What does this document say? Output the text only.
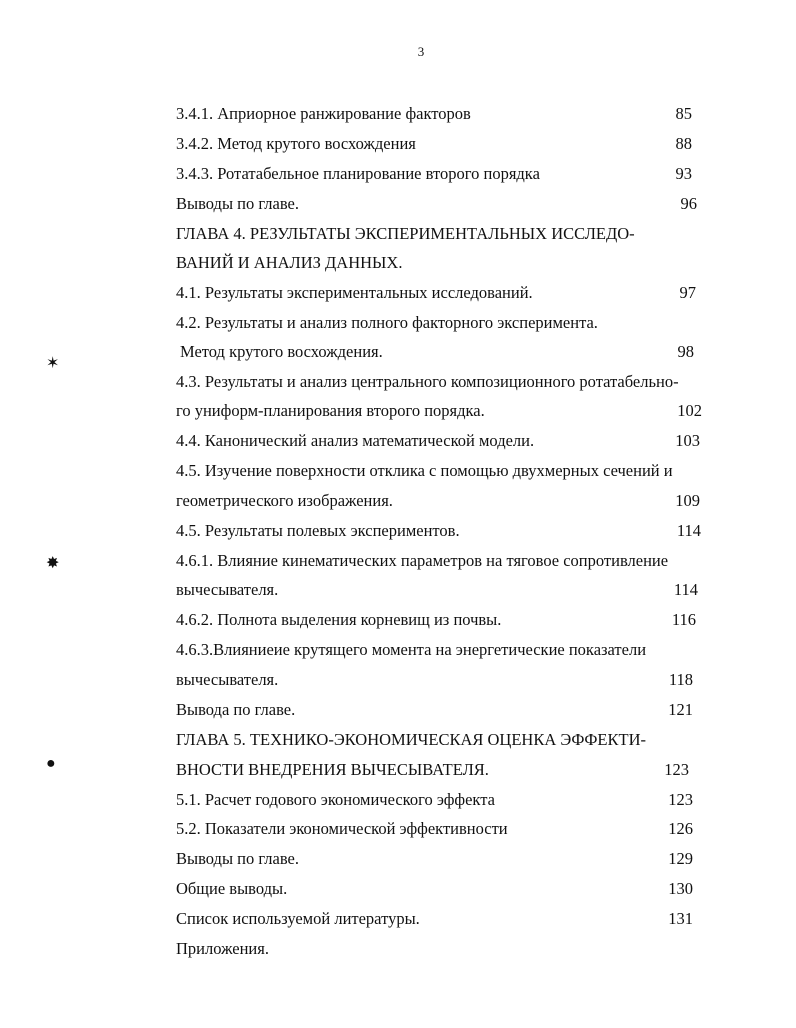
3
✶
✸
●
3.4.1. Априорное ранжирование факторов	85
3.4.2. Метод крутого восхождения	88
3.4.3. Ротатабельное планирование второго порядка	93
Выводы по главе.	96
ГЛАВА 4. РЕЗУЛЬТАТЫ ЭКСПЕРИМЕНТАЛЬНЫХ ИССЛЕДО-
ВАНИЙ И АНАЛИЗ ДАННЫХ.
4.1. Результаты экспериментальных исследований.	97
4.2. Результаты и анализ полного факторного эксперимента.
Метод крутого восхождения.	98
4.3. Результаты и анализ центрального композиционного ротатабельно-
го униформ-планирования второго порядка.	102
4.4. Канонический анализ математической модели.	103
4.5. Изучение поверхности отклика с помощью двухмерных сечений и
геометрического изображения.	109
4.5. Результаты полевых экспериментов.	114
4.6.1. Влияние кинематических параметров на тяговое сопротивление
вычесывателя.	114
4.6.2. Полнота выделения корневищ из почвы.	116
4.6.3.Влияниеие крутящего момента на энергетические показатели
вычесывателя.	118
Вывода по главе.	121
ГЛАВА 5. ТЕХНИКО-ЭКОНОМИЧЕСКАЯ ОЦЕНКА ЭФФЕКТИ-
ВНОСТИ ВНЕДРЕНИЯ ВЫЧЕСЫВАТЕЛЯ.	123
5.1. Расчет годового экономического эффекта	123
5.2. Показатели экономической эффективности	126
Выводы по главе.	129
Общие выводы.	130
Список используемой литературы.	131
Приложения.
